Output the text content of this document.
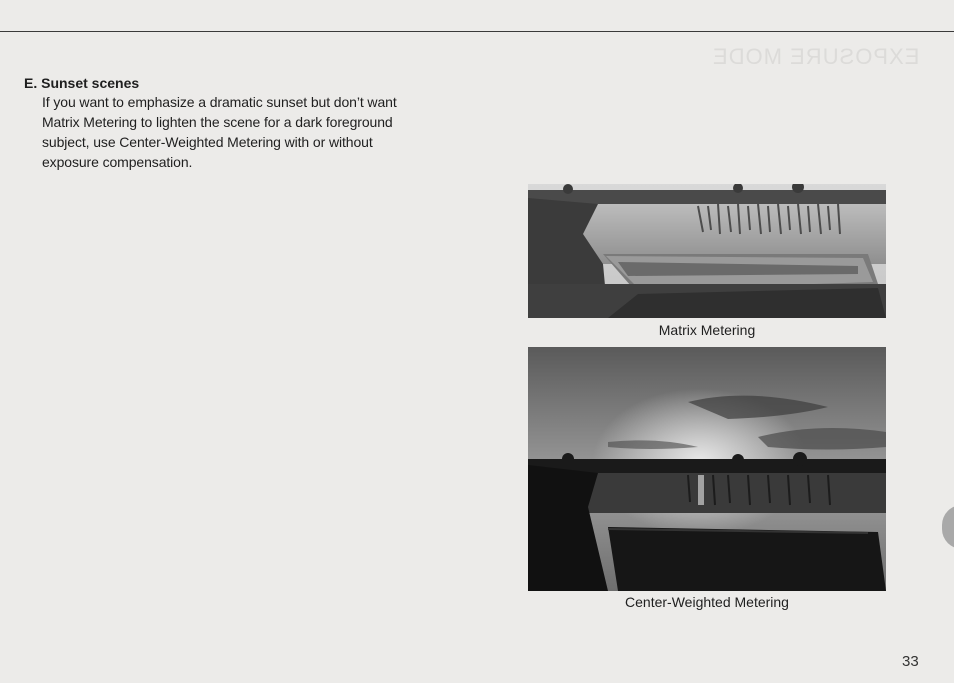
EXPOSURE MODE
E. Sunset scenes

If you want to emphasize a dramatic sunset but don’t want
Matrix Metering to lighten the scene for a dark foreground
subject, use Center-Weighted Metering with or without
exposure compensation.

Matrix Metering
Center-Weighted Metering
33
